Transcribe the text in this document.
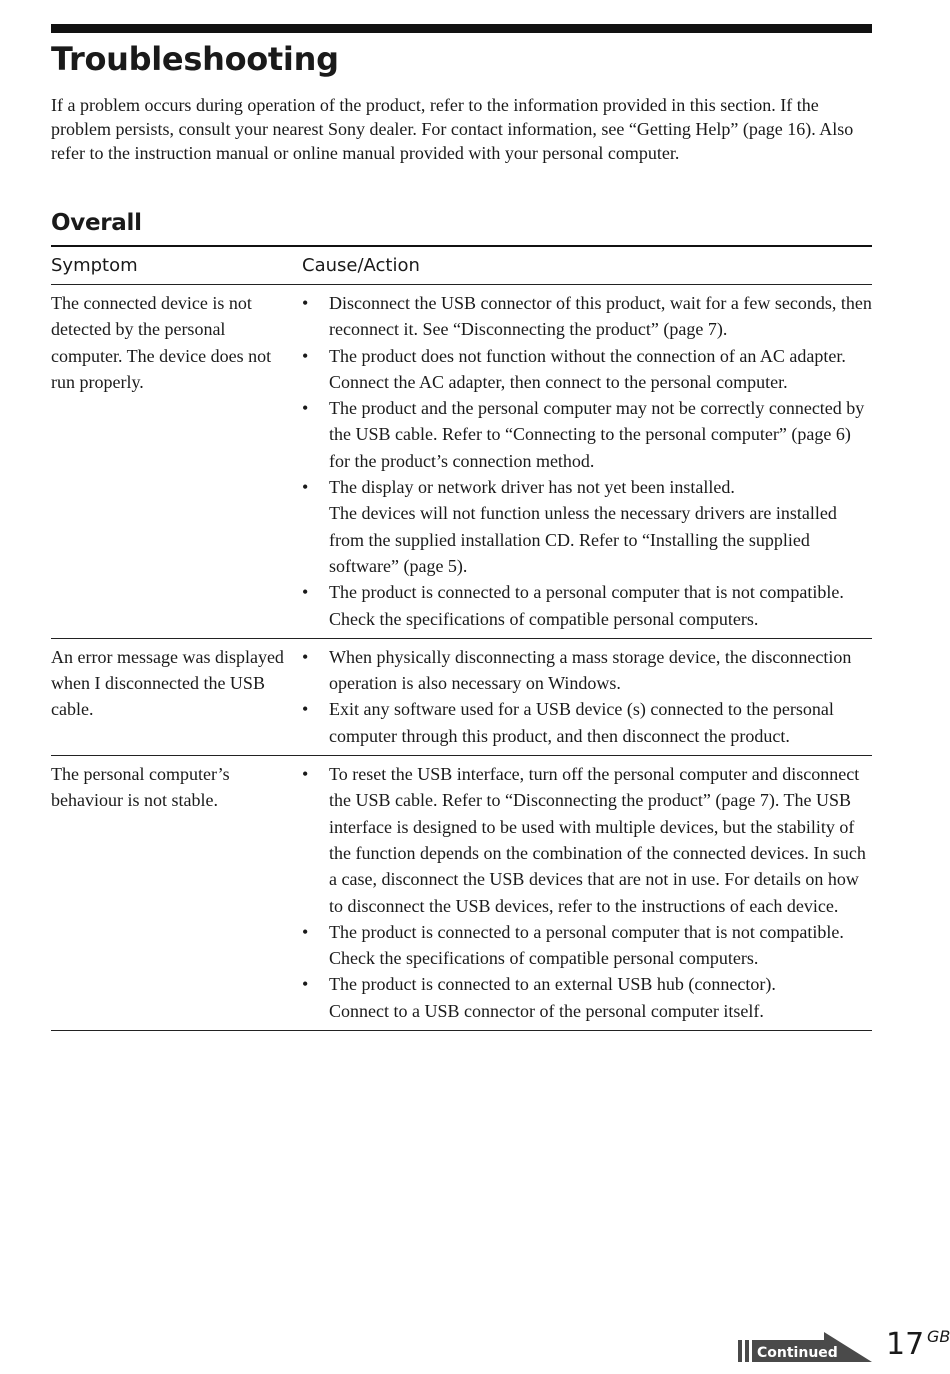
Troubleshooting

If a problem occurs during operation of the product, refer to the information provided in this section. If the problem persists, consult your nearest Sony dealer. For contact information, see “Getting Help” (page 16). Also refer to the instruction manual or online manual provided with your personal computer.

Overall
Symptom	Cause/Action
The connected device is not detected by the personal computer. The device does not run properly.
• Disconnect the USB connector of this product, wait for a few seconds, then reconnect it. See “Disconnecting the product” (page 7).
• The product does not function without the connection of an AC adapter. Connect the AC adapter, then connect to the personal computer.
• The product and the personal computer may not be correctly connected by the USB cable. Refer to “Connecting to the personal computer” (page 6) for the product’s connection method.
• The display or network driver has not yet been installed.
The devices will not function unless the necessary drivers are installed from the supplied installation CD. Refer to “Installing the supplied software” (page 5).
• The product is connected to a personal computer that is not compatible.
Check the specifications of compatible personal computers.
An error message was displayed when I disconnected the USB cable.
• When physically disconnecting a mass storage device, the disconnection operation is also necessary on Windows.
• Exit any software used for a USB device (s) connected to the personal computer through this product, and then disconnect the product.
The personal computer’s behaviour is not stable.
• To reset the USB interface, turn off the personal computer and disconnect the USB cable. Refer to “Disconnecting the product” (page 7). The USB interface is designed to be used with multiple devices, but the stability of the function depends on the combination of the connected devices. In such a case, disconnect the USB devices that are not in use. For details on how to disconnect the USB devices, refer to the instructions of each device.
• The product is connected to a personal computer that is not compatible.
Check the specifications of compatible personal computers.
• The product is connected to an external USB hub (connector).
Connect to a USB connector of the personal computer itself.
Continued 17 GB
